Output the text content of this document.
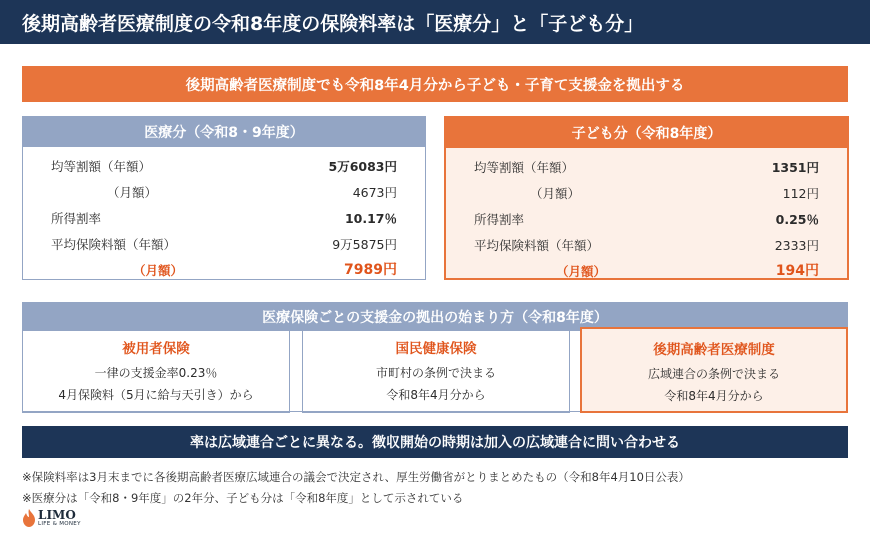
後期高齢者医療制度の令和8年度の保険料率は「医療分」と「子ども分」
後期高齢者医療制度でも令和8年4月分から子ども・子育て支援金を拠出する
医療分（令和8・9年度）
均等割額（年額）	5万6083円
（月額）	4673円
所得割率	10.17％
平均保険料額（年額）	9万5875円
（月額）	7989円
子ども分（令和8年度）
均等割額（年額）	1351円
（月額）	112円
所得割率	0.25％
平均保険料額（年額）	2333円
（月額）	194円
医療保険ごとの支援金の拠出の始まり方（令和8年度）
被用者保険
一律の支援金率0.23％
4月保険料（5月に給与天引き）から
国民健康保険
市町村の条例で決まる
令和8年4月分から
後期高齢者医療制度
広域連合の条例で決まる
令和8年4月分から
率は広域連合ごとに異なる。徴収開始の時期は加入の広域連合に問い合わせる
※保険料率は3月末までに各後期高齢者医療広域連合の議会で決定され、厚生労働省がとりまとめたもの（令和8年4月10日公表）
※医療分は「令和8・9年度」の2年分、子ども分は「令和8年度」として示されている
LIMO
LIFE & MONEY
